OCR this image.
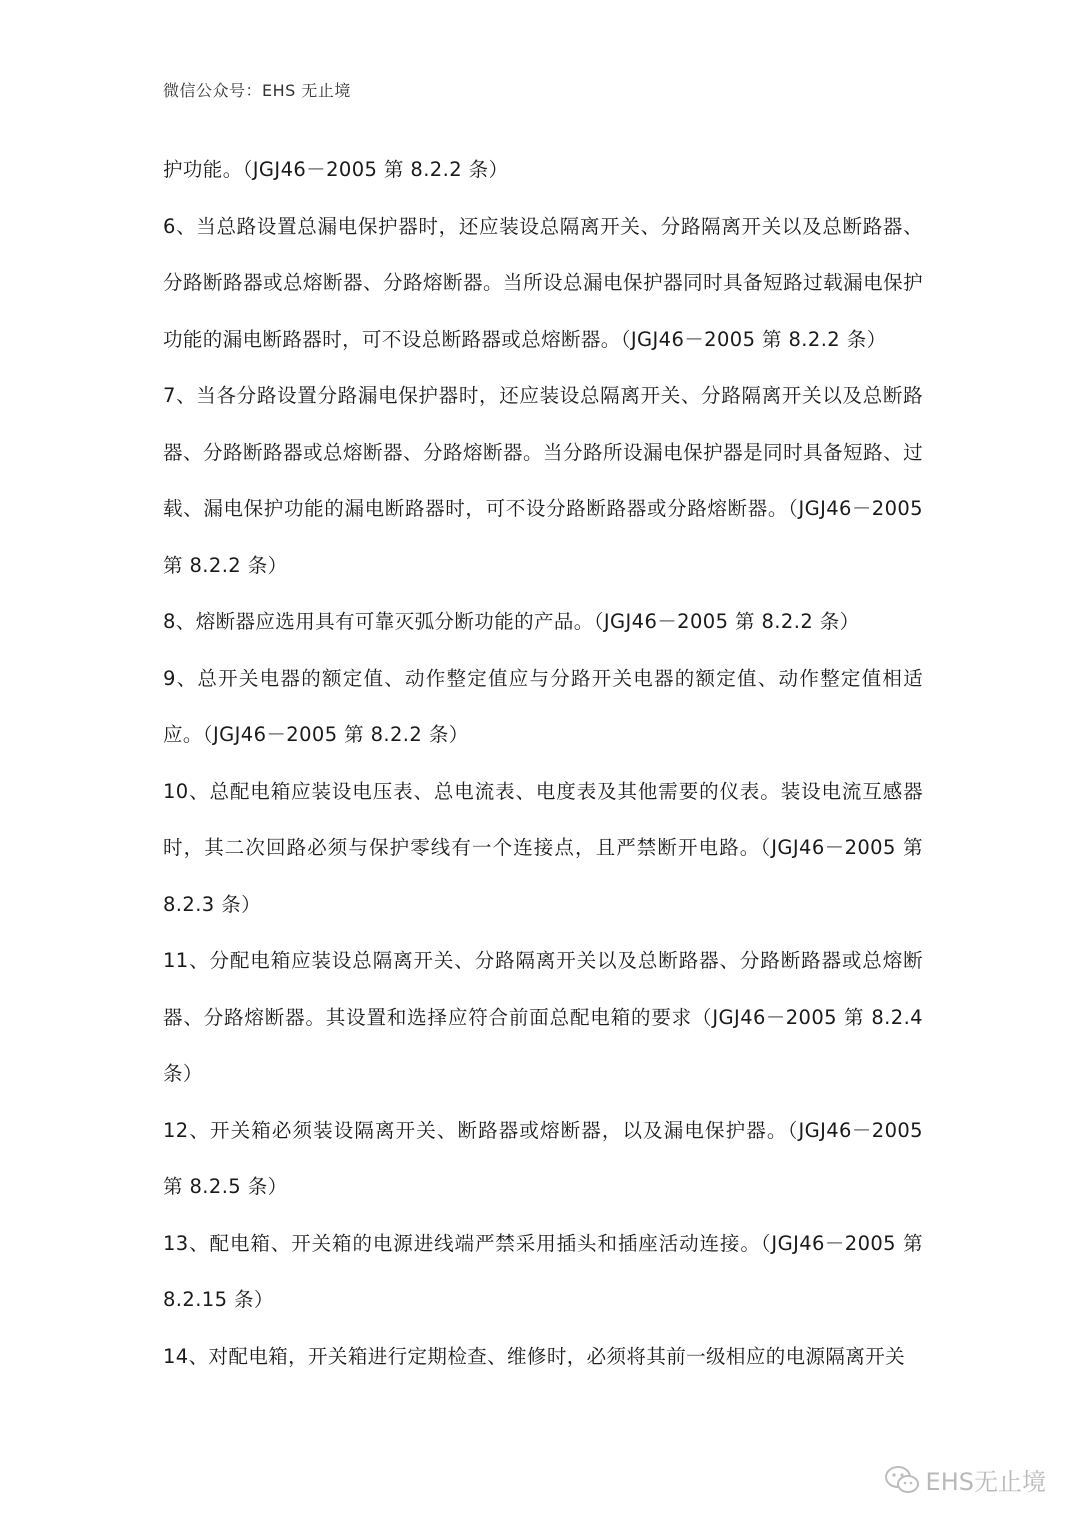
微信公众号：EHS 无止境

护功能。（JGJ46－2005 第 8.2.2 条）

6、当总路设置总漏电保护器时，还应装设总隔离开关、分路隔离开关以及总断路器、分路断路器或总熔断器、分路熔断器。当所设总漏电保护器同时具备短路过载漏电保护功能的漏电断路器时，可不设总断路器或总熔断器。（JGJ46－2005 第 8.2.2 条）

7、当各分路设置分路漏电保护器时，还应装设总隔离开关、分路隔离开关以及总断路器、分路断路器或总熔断器、分路熔断器。当分路所设漏电保护器是同时具备短路、过载、漏电保护功能的漏电断路器时，可不设分路断路器或分路熔断器。（JGJ46－2005 第 8.2.2 条）

8、熔断器应选用具有可靠灭弧分断功能的产品。（JGJ46－2005 第 8.2.2 条）

9、总开关电器的额定值、动作整定值应与分路开关电器的额定值、动作整定值相适应。（JGJ46－2005 第 8.2.2 条）

10、总配电箱应装设电压表、总电流表、电度表及其他需要的仪表。装设电流互感器时，其二次回路必须与保护零线有一个连接点，且严禁断开电路。（JGJ46－2005 第 8.2.3 条）

11、分配电箱应装设总隔离开关、分路隔离开关以及总断路器、分路断路器或总熔断器、分路熔断器。其设置和选择应符合前面总配电箱的要求（JGJ46－2005 第 8.2.4 条）

12、开关箱必须装设隔离开关、断路器或熔断器，以及漏电保护器。（JGJ46－2005 第 8.2.5 条）

13、配电箱、开关箱的电源进线端严禁采用插头和插座活动连接。（JGJ46－2005 第 8.2.15 条）

14、对配电箱，开关箱进行定期检查、维修时，必须将其前一级相应的电源隔离开关

EHS无止境
